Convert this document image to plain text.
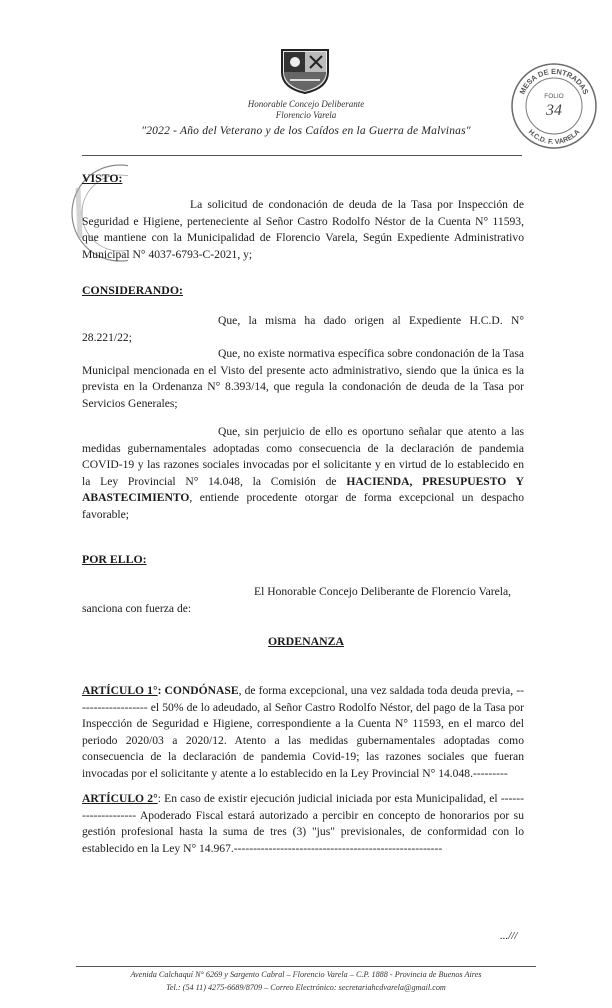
Honorable Concejo Deliberante
Florencio Varela
"2022 - Año del Veterano y de los Caídos en la Guerra de Malvinas"
MESA DE ENTRADAS
H.C.D. F. VARELA
FOLIO
34
VISTO:

La solicitud de condonación de deuda de la Tasa por Inspección de Seguridad e Higiene, perteneciente al Señor Castro Rodolfo Néstor de la Cuenta N° 11593, que mantiene con la Municipalidad de Florencio Varela, Según Expediente Administrativo Municipal N° 4037-6793-C-2021, y;

CONSIDERANDO:

Que, la misma ha dado origen al Expediente H.C.D. N° 28.221/22;

Que, no existe normativa específica sobre condonación de la Tasa Municipal mencionada en el Visto del presente acto administrativo, siendo que la única es la prevista en la Ordenanza N° 8.393/14, que regula la condonación de deuda de la Tasa por Servicios Generales;

Que, sin perjuicio de ello es oportuno señalar que atento a las medidas gubernamentales adoptadas como consecuencia de la declaración de pandemia COVID-19 y las razones sociales invocadas por el solicitante y en virtud de lo establecido en la Ley Provincial N° 14.048, la Comisión de HACIENDA, PRESUPUESTO Y ABASTECIMIENTO, entiende procedente otorgar de forma excepcional un despacho favorable;

POR ELLO:

El Honorable Concejo Deliberante de Florencio Varela,

sanciona con fuerza de:

ORDENANZA

ARTÍCULO 1°: CONDÓNASE, de forma excepcional, una vez saldada toda deuda previa, ------------------- el 50% de lo adeudado, al Señor Castro Rodolfo Néstor, del pago de la Tasa por Inspección de Seguridad e Higiene, correspondiente a la Cuenta N° 11593, en el marco del periodo 2020/03 a 2020/12. Atento a las medidas gubernamentales adoptadas como consecuencia de la declaración de pandemia Covid-19; las razones sociales que fueran invocadas por el solicitante y atente a lo establecido en la Ley Provincial N° 14.048.---------

ARTÍCULO 2°: En caso de existir ejecución judicial iniciada por esta Municipalidad, el -------------------- Apoderado Fiscal estará autorizado a percibir en concepto de honorarios por su gestión profesional hasta la suma de tres (3) "jus" previsionales, de conformidad con lo establecido en la Ley N° 14.967.------------------------------------------------------

...///
Avenida Calchaquí N° 6269 y Sargento Cabral – Florencio Varela – C.P. 1888 - Provincia de Buenos Aires
Tel.: (54 11) 4275-6689/8709 – Correo Electrónico: secretariahcdvarela@gmail.com
